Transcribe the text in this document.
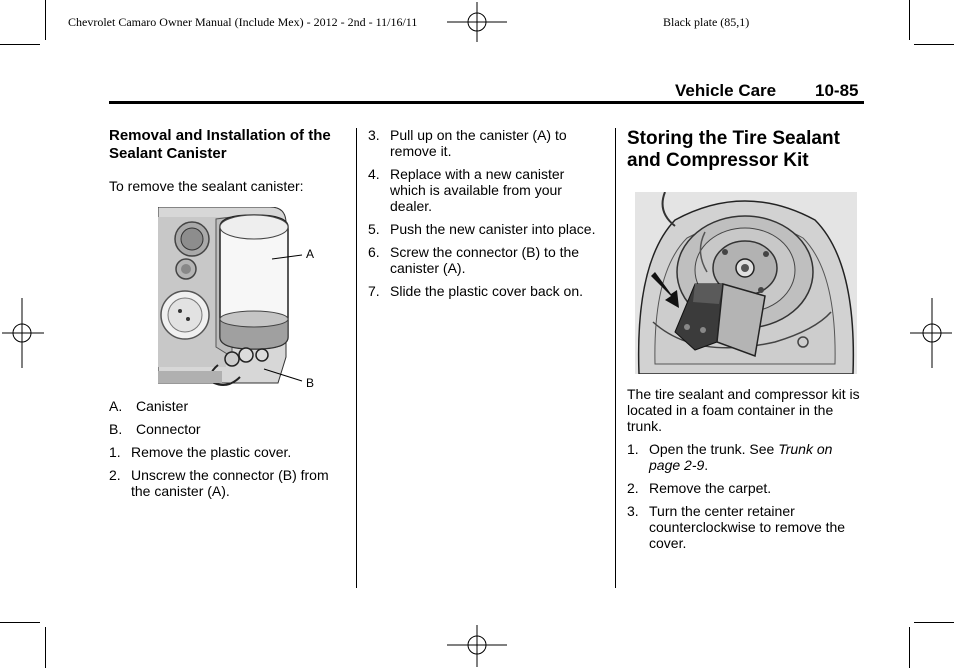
Chevrolet Camaro Owner Manual (Include Mex) - 2012 - 2nd - 11/16/11	Black plate (85,1)
Vehicle Care 10-85
Removal and Installation of the Sealant Canister

To remove the sealant canister:

A
B

A. Canister

B. Connector

1. Remove the plastic cover.

2. Unscrew the connector (B) from the canister (A).

3. Pull up on the canister (A) to remove it.

4. Replace with a new canister which is available from your dealer.

5. Push the new canister into place.

6. Screw the connector (B) to the canister (A).

7. Slide the plastic cover back on.

Storing the Tire Sealant and Compressor Kit

The tire sealant and compressor kit is located in a foam container in the trunk.

1. Open the trunk. See Trunk on page 2-9.

2. Remove the carpet.

3. Turn the center retainer counterclockwise to remove the cover.
